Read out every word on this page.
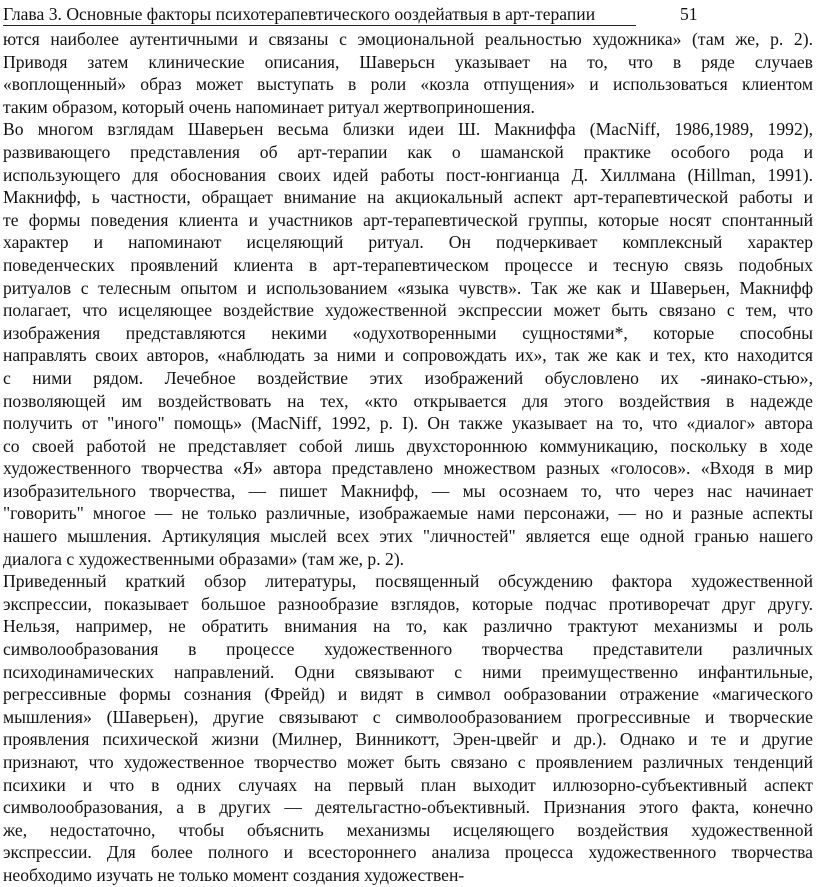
Глава 3. Основные факторы психотерапевтического ооздейатвыя в арт-терапии	51
ются наиболее аутентичными и связаны с эмоциональной реальностью художника» (там же, р. 2).
Приводя затем клинические описания, Шаверьсн указывает на то, что в ряде случаев
«воплощенный» образ может выступать в роли «козла отпущения» и использоваться клиентом
таким образом, который очень напоминает ритуал жертвоприношения.
Во многом взглядам Шаверьен весьма близки идеи Ш. Макниффа (MacNiff, 1986,1989, 1992),
развивающего представления об арт-терапии как о шаманской практике особого рода и
использующего для обоснования своих идей работы пост-юнгианца Д. Хиллмана (Hillman, 1991).
Макнифф, ь частности, обращает внимание на акциокальный аспект арт-терапевтической работы и
те формы поведения клиента и участников арт-терапевтической группы, которые носят спонтанный
характер и напоминают исцеляющий ритуал. Он подчеркивает комплексный характер
поведенческих проявлений клиента в арт-терапевтическом процессе и тесную связь подобных
ритуалов с телесным опытом и использованием «языка чувств». Так же как и Шаверьен, Макнифф
полагает, что исцеляющее воздействие художественной экспрессии может быть связано с тем, что
изображения представляются некими «одухотворенными сущностями*, которые способны
направлять своих авторов, «наблюдать за ними и сопровождать их», так же как и тех, кто находится
с ними рядом. Лечебное воздействие этих изображений обусловлено их -яинако-стью»,
позволяющей им воздействовать на тех, «кто открывается для этого воздействия в надежде
получить от "иного" помощь» (MacNiff, 1992, p. I). Он также указывает на то, что «диалог» автора
со своей работой не представляет собой лишь двухстороннюю коммуникацию, поскольку в ходе
художественного творчества «Я» автора представлено множеством разных «голосов». «Входя в мир
изобразительного творчества, — пишет Макнифф, — мы осознаем то, что через нас начинает
"говорить" многое — не только различные, изображаемые нами персонажи, — но и разные аспекты
нашего мышления. Артикуляция мыслей всех этих "личностей" является еще одной гранью нашего
диалога с художественными образами» (там же, р. 2).
Приведенный краткий обзор литературы, посвященный обсуждению фактора художественной
экспрессии, показывает большое разнообразие взглядов, которые подчас противоречат друг другу.
Нельзя, например, не обратить внимания на то, как различно трактуют механизмы и роль
символообразования в процессе художественного творчества представители различных
психодинамических направлений. Одни связывают с ними преимущественно инфантильные,
регрессивные формы сознания (Фрейд) и видят в символ ообразовании отражение «магического
мышления» (Шаверьен), другие связывают с символообразованием прогрессивные и творческие
проявления психической жизни (Милнер, Винникотт, Эрен-цвейг и др.). Однако и те и другие
признают, что художественное творчество может быть связано с проявлением различных тенденций
психики и что в одних случаях на первый план выходит иллюзорно-субъективный аспект
символообразования, а в других — деятельгастно-объективный. Признания этого факта, конечно
же, недостаточно, чтобы объяснить механизмы исцеляющего воздействия художественной
экспрессии. Для более полного и всестороннего анализа процесса художественного творчества
необходимо изучать не только момент создания художествен-
